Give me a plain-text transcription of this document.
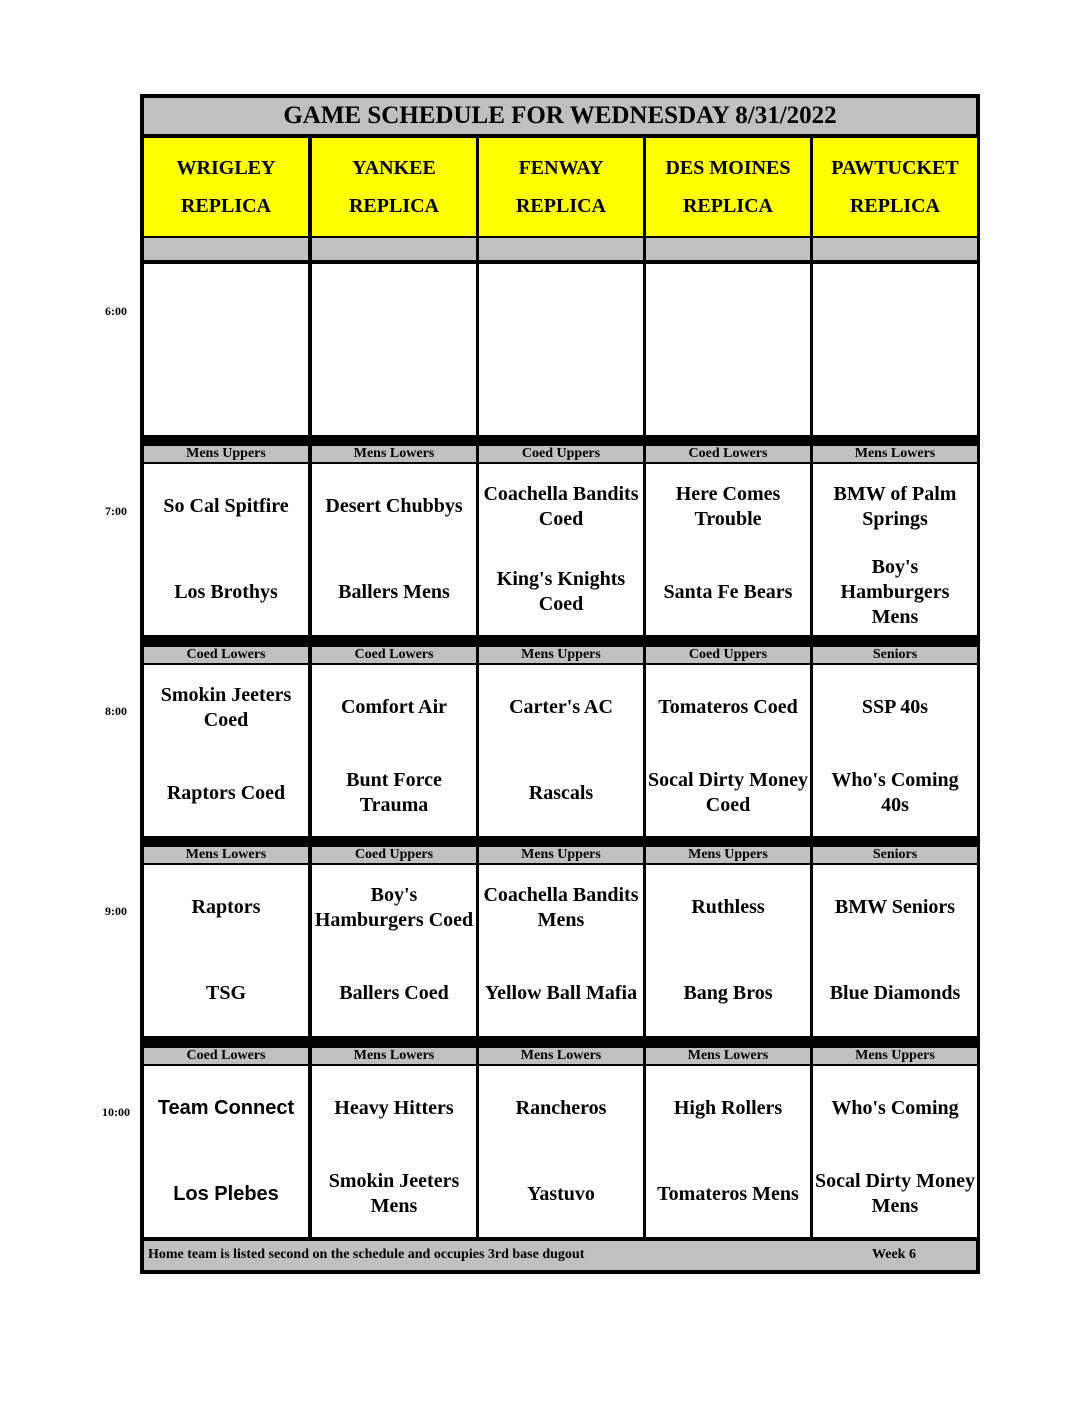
6:00
7:00
8:00
9:00
10:00
GAME SCHEDULE FOR WEDNESDAY 8/31/2022
Home team is listed second on the schedule and occupies 3rd base dugout	Week 6
WRIGLEY
REPLICA
YANKEE
REPLICA
FENWAY
REPLICA
DES MOINES
REPLICA
PAWTUCKET
REPLICA
Mens Uppers
So Cal Spitfire
Los Brothys
Mens Lowers
Desert Chubbys
Ballers Mens
Coed Uppers
Coachella Bandits Coed
King's Knights Coed
Coed Lowers
Here Comes Trouble
Santa Fe Bears
Mens Lowers
BMW of Palm Springs
Boy's Hamburgers Mens
Coed Lowers
Smokin Jeeters Coed
Raptors Coed
Coed Lowers
Comfort Air
Bunt Force Trauma
Mens Uppers
Carter's AC
Rascals
Coed Uppers
Tomateros Coed
Socal Dirty Money Coed
Seniors
SSP 40s
Who's Coming 40s
Mens Lowers
Raptors
TSG
Coed Uppers
Boy's Hamburgers Coed
Ballers Coed
Mens Uppers
Coachella Bandits Mens
Yellow Ball Mafia
Mens Uppers
Ruthless
Bang Bros
Seniors
BMW Seniors
Blue Diamonds
Coed Lowers
Team Connect
Los Plebes
Mens Lowers
Heavy Hitters
Smokin Jeeters Mens
Mens Lowers
Rancheros
Yastuvo
Mens Lowers
High Rollers
Tomateros Mens
Mens Uppers
Who's Coming
Socal Dirty Money Mens
